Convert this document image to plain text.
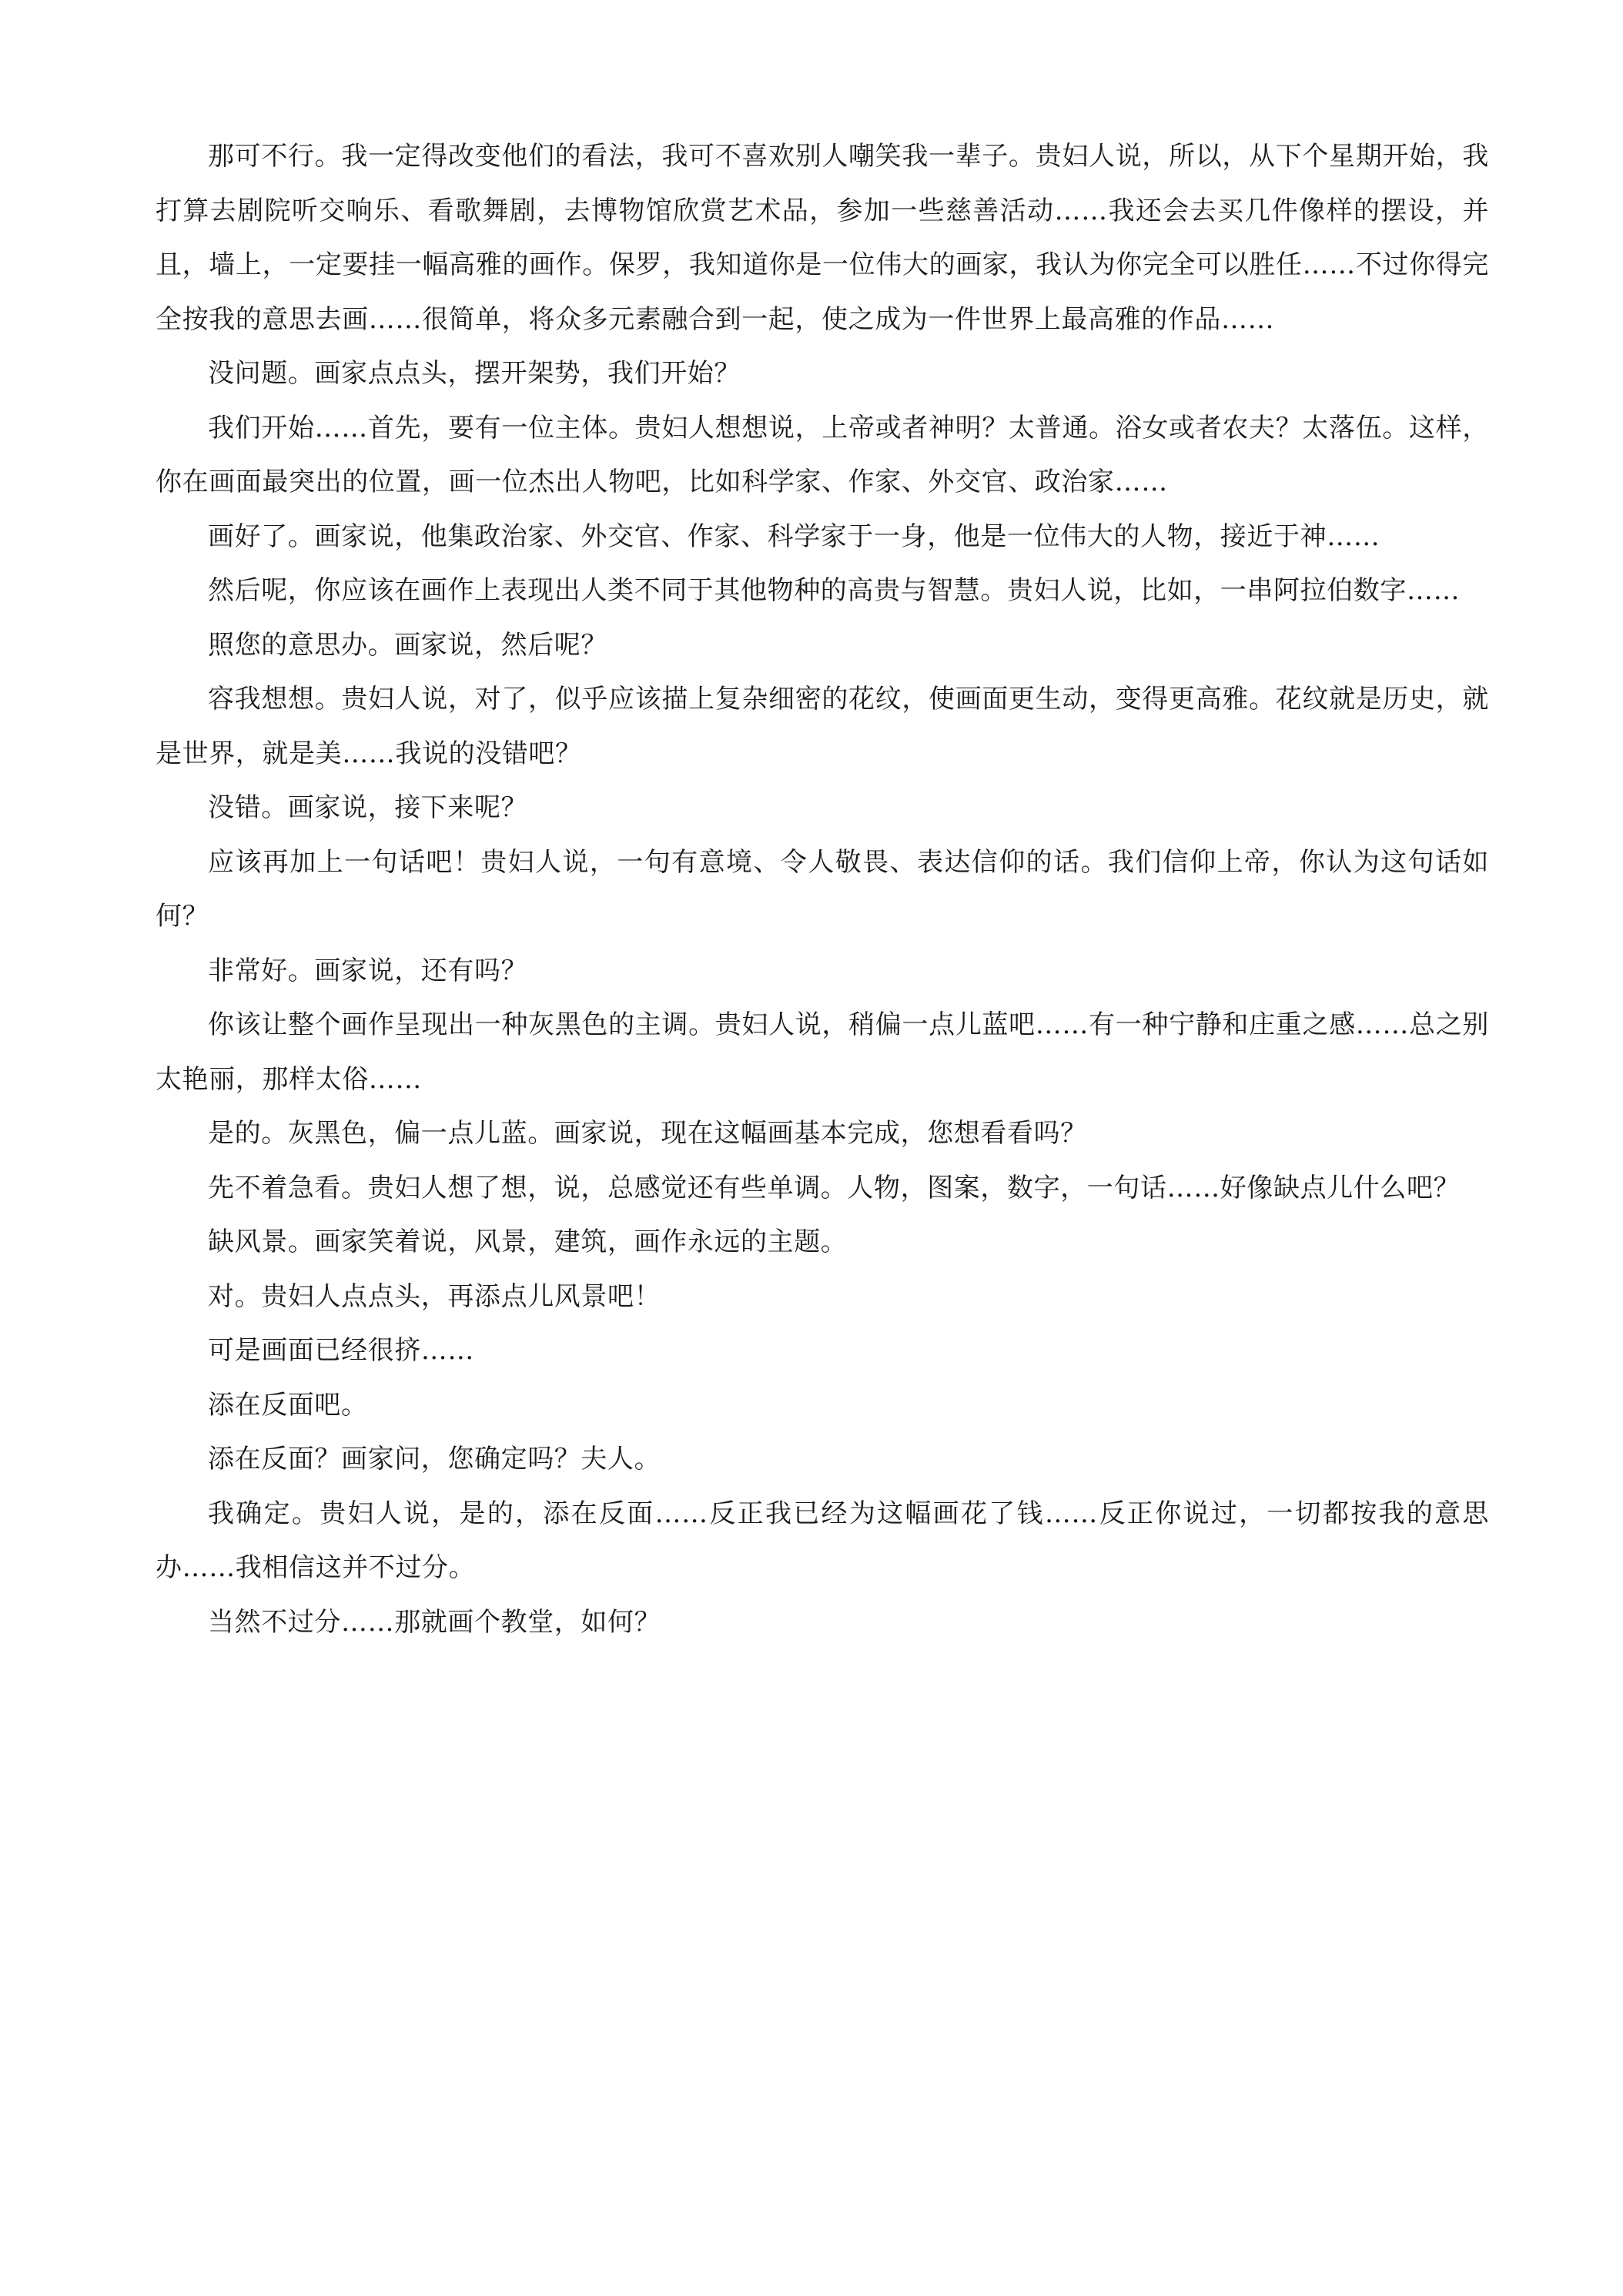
那可不行。我一定得改变他们的看法，我可不喜欢别人嘲笑我一辈子。贵妇人说，所以，从下个星期开始，我打算去剧院听交响乐、看歌舞剧，去博物馆欣赏艺术品，参加一些慈善活动……我还会去买几件像样的摆设，并且，墙上，一定要挂一幅高雅的画作。保罗，我知道你是一位伟大的画家，我认为你完全可以胜任……不过你得完全按我的意思去画……很简单，将众多元素融合到一起，使之成为一件世界上最高雅的作品……

没问题。画家点点头，摆开架势，我们开始？

我们开始……首先，要有一位主体。贵妇人想想说，上帝或者神明？太普通。浴女或者农夫？太落伍。这样，你在画面最突出的位置，画一位杰出人物吧，比如科学家、作家、外交官、政治家……

画好了。画家说，他集政治家、外交官、作家、科学家于一身，他是一位伟大的人物，接近于神……

然后呢，你应该在画作上表现出人类不同于其他物种的高贵与智慧。贵妇人说，比如，一串阿拉伯数字……

照您的意思办。画家说，然后呢？

容我想想。贵妇人说，对了，似乎应该描上复杂细密的花纹，使画面更生动，变得更高雅。花纹就是历史，就是世界，就是美……我说的没错吧？

没错。画家说，接下来呢？

应该再加上一句话吧！贵妇人说，一句有意境、令人敬畏、表达信仰的话。我们信仰上帝，你认为这句话如何？

非常好。画家说，还有吗？

你该让整个画作呈现出一种灰黑色的主调。贵妇人说，稍偏一点儿蓝吧……有一种宁静和庄重之感……总之别太艳丽，那样太俗……

是的。灰黑色，偏一点儿蓝。画家说，现在这幅画基本完成，您想看看吗？

先不着急看。贵妇人想了想，说，总感觉还有些单调。人物，图案，数字，一句话……好像缺点儿什么吧？

缺风景。画家笑着说，风景，建筑，画作永远的主题。

对。贵妇人点点头，再添点儿风景吧！

可是画面已经很挤……

添在反面吧。

添在反面？画家问，您确定吗？夫人。

我确定。贵妇人说，是的，添在反面……反正我已经为这幅画花了钱……反正你说过，一切都按我的意思办……我相信这并不过分。

当然不过分……那就画个教堂，如何？
